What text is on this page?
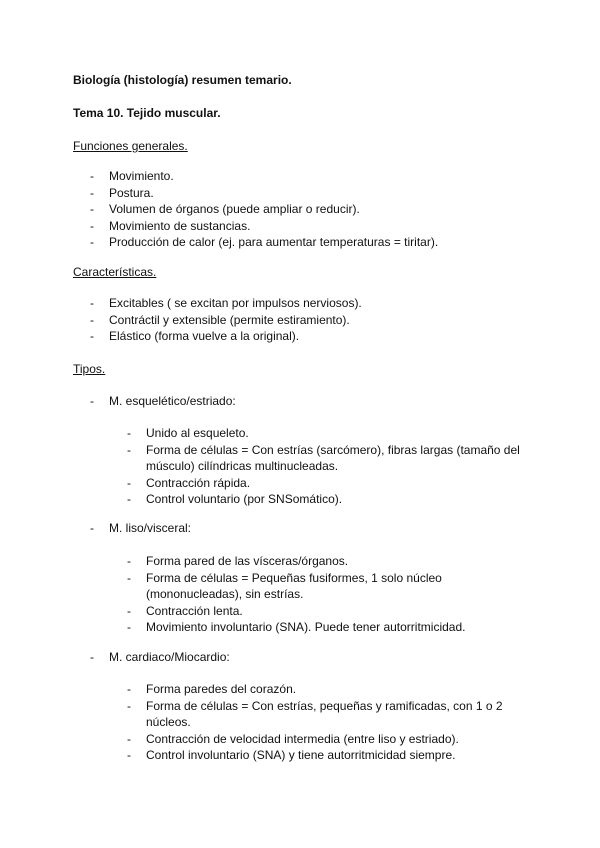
Biología (histología) resumen temario.
Tema 10. Tejido muscular.
Funciones generales.
- Movimiento.
- Postura.
- Volumen de órganos (puede ampliar o reducir).
- Movimiento de sustancias.
- Producción de calor (ej. para aumentar temperaturas = tiritar).
Características.
- Excitables ( se excitan por impulsos nerviosos).
- Contráctil y extensible (permite estiramiento).
- Elástico (forma vuelve a la original).
Tipos.
- M. esquelético/estriado:
- Unido al esqueleto.
- Forma de células = Con estrías (sarcómero), fibras largas (tamaño del músculo) cilíndricas multinucleadas.
- Contracción rápida.
- Control voluntario (por SNSomático).
- M. liso/visceral:
- Forma pared de las vísceras/órganos.
- Forma de células = Pequeñas fusiformes, 1 solo núcleo (mononucleadas), sin estrías.
- Contracción lenta.
- Movimiento involuntario (SNA). Puede tener autorritmicidad.
- M. cardiaco/Miocardio:
- Forma paredes del corazón.
- Forma de células = Con estrías, pequeñas y ramificadas, con 1 o 2 núcleos.
- Contracción de velocidad intermedia (entre liso y estriado).
- Control involuntario (SNA) y tiene autorritmicidad siempre.
